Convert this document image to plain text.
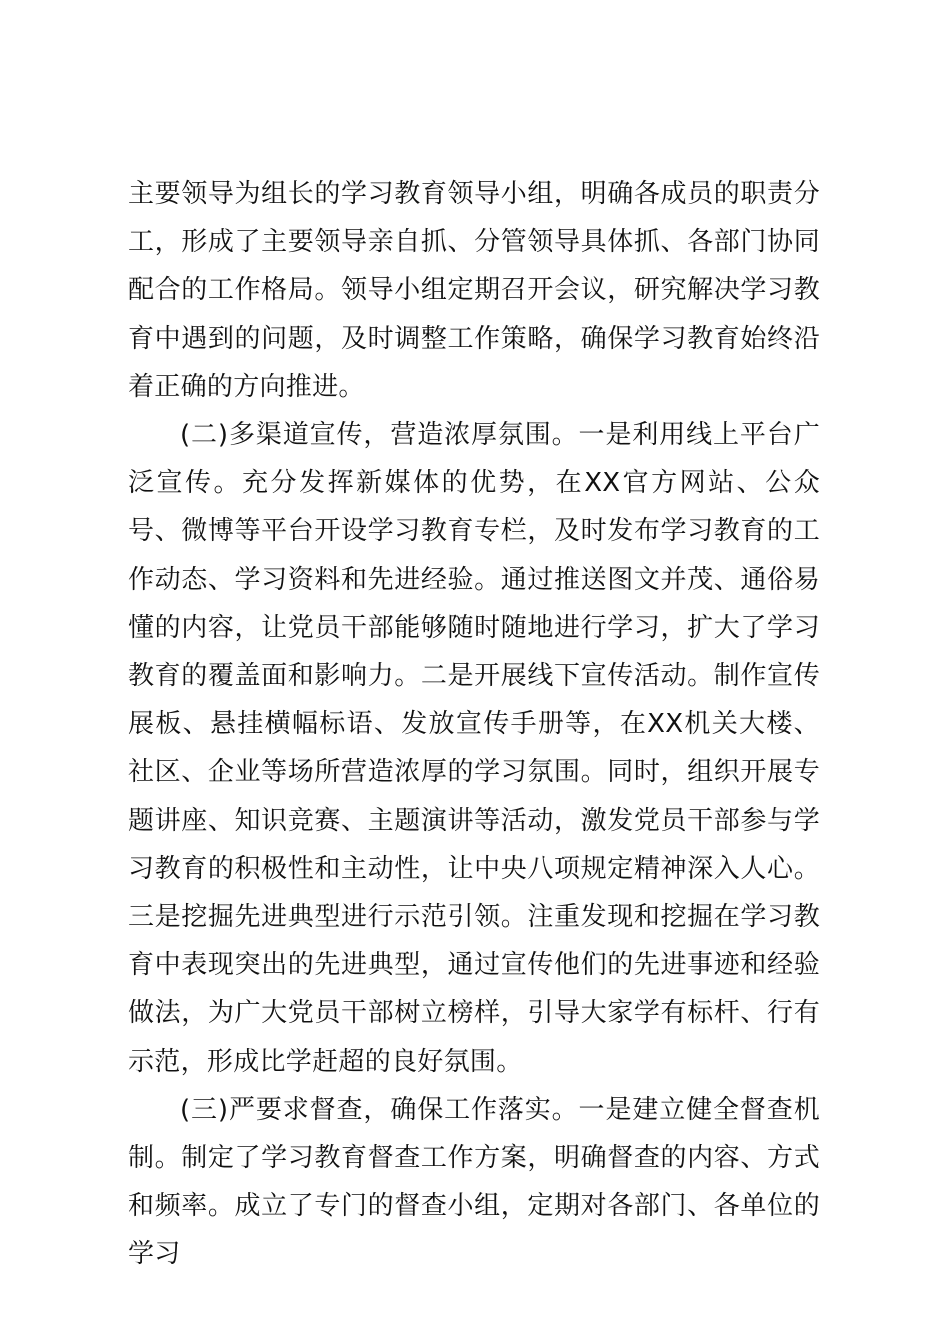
主要领导为组长的学习教育领导小组，明确各成员的职责分工，形成了主要领导亲自抓、分管领导具体抓、各部门协同配合的工作格局。领导小组定期召开会议，研究解决学习教育中遇到的问题，及时调整工作策略，确保学习教育始终沿着正确的方向推进。

(二)多渠道宣传，营造浓厚氛围。一是利用线上平台广泛宣传。充分发挥新媒体的优势，在XX官方网站、公众号、微博等平台开设学习教育专栏，及时发布学习教育的工作动态、学习资料和先进经验。通过推送图文并茂、通俗易懂的内容，让党员干部能够随时随地进行学习，扩大了学习教育的覆盖面和影响力。二是开展线下宣传活动。制作宣传展板、悬挂横幅标语、发放宣传手册等，在XX机关大楼、社区、企业等场所营造浓厚的学习氛围。同时，组织开展专题讲座、知识竞赛、主题演讲等活动，激发党员干部参与学习教育的积极性和主动性，让中央八项规定精神深入人心。三是挖掘先进典型进行示范引领。注重发现和挖掘在学习教育中表现突出的先进典型，通过宣传他们的先进事迹和经验做法，为广大党员干部树立榜样，引导大家学有标杆、行有示范，形成比学赶超的良好氛围。

(三)严要求督查，确保工作落实。一是建立健全督查机制。制定了学习教育督查工作方案，明确督查的内容、方式和频率。成立了专门的督查小组，定期对各部门、各单位的学习
